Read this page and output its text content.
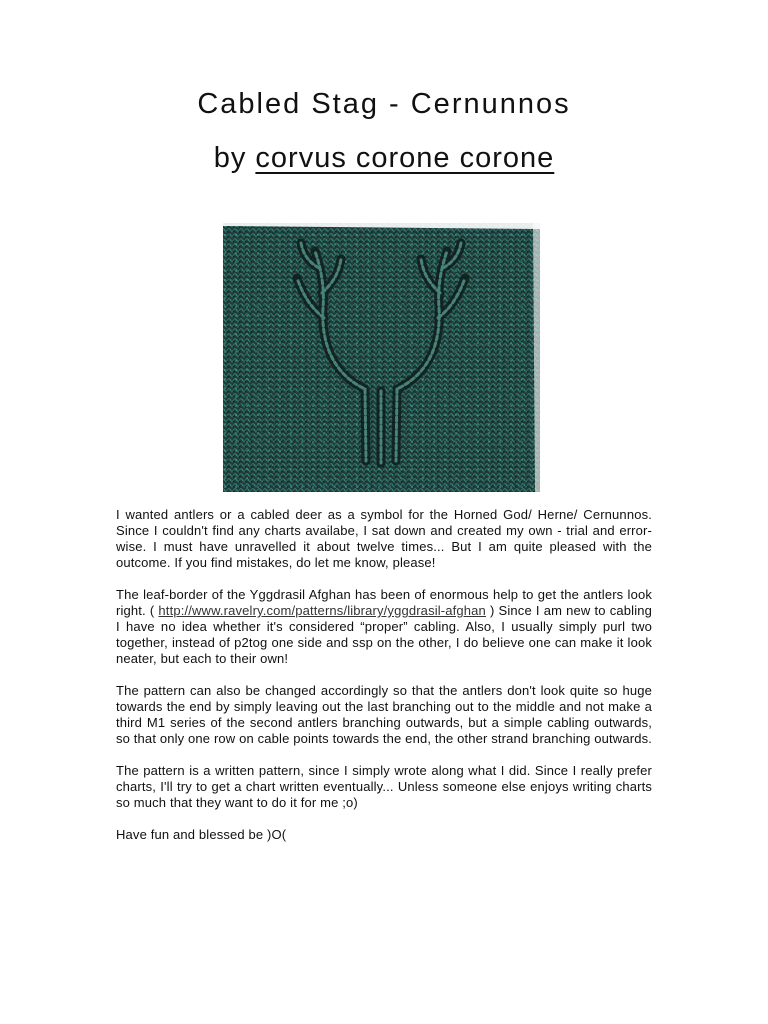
Cabled Stag - Cernunnos
by corvus corone corone

I wanted antlers or a cabled deer as a symbol for the Horned God/ Herne/ Cernunnos. Since I couldn't find any charts availabe, I sat down and created my own - trial and error-wise. I must have unravelled it about twelve times... But I am quite pleased with the outcome. If you find mistakes, do let me know, please!

The leaf-border of the Yggdrasil Afghan has been of enormous help to get the antlers look right. ( http://www.ravelry.com/patterns/library/yggdrasil-afghan ) Since I am new to cabling I have no idea whether it's considered “proper” cabling. Also, I usually simply purl two together, instead of p2tog one side and ssp on the other, I do believe one can make it look neater, but each to their own!

The pattern can also be changed accordingly so that the antlers don't look quite so huge towards the end by simply leaving out the last branching out to the middle and not make a third M1 series of the second antlers branching outwards, but a simple cabling outwards, so that only one row on cable points towards the end, the other strand branching outwards.

The pattern is a written pattern, since I simply wrote along what I did. Since I really prefer charts, I'll try to get a chart written eventually... Unless someone else enjoys writing charts so much that they want to do it for me ;o)

Have fun and blessed be )O(
